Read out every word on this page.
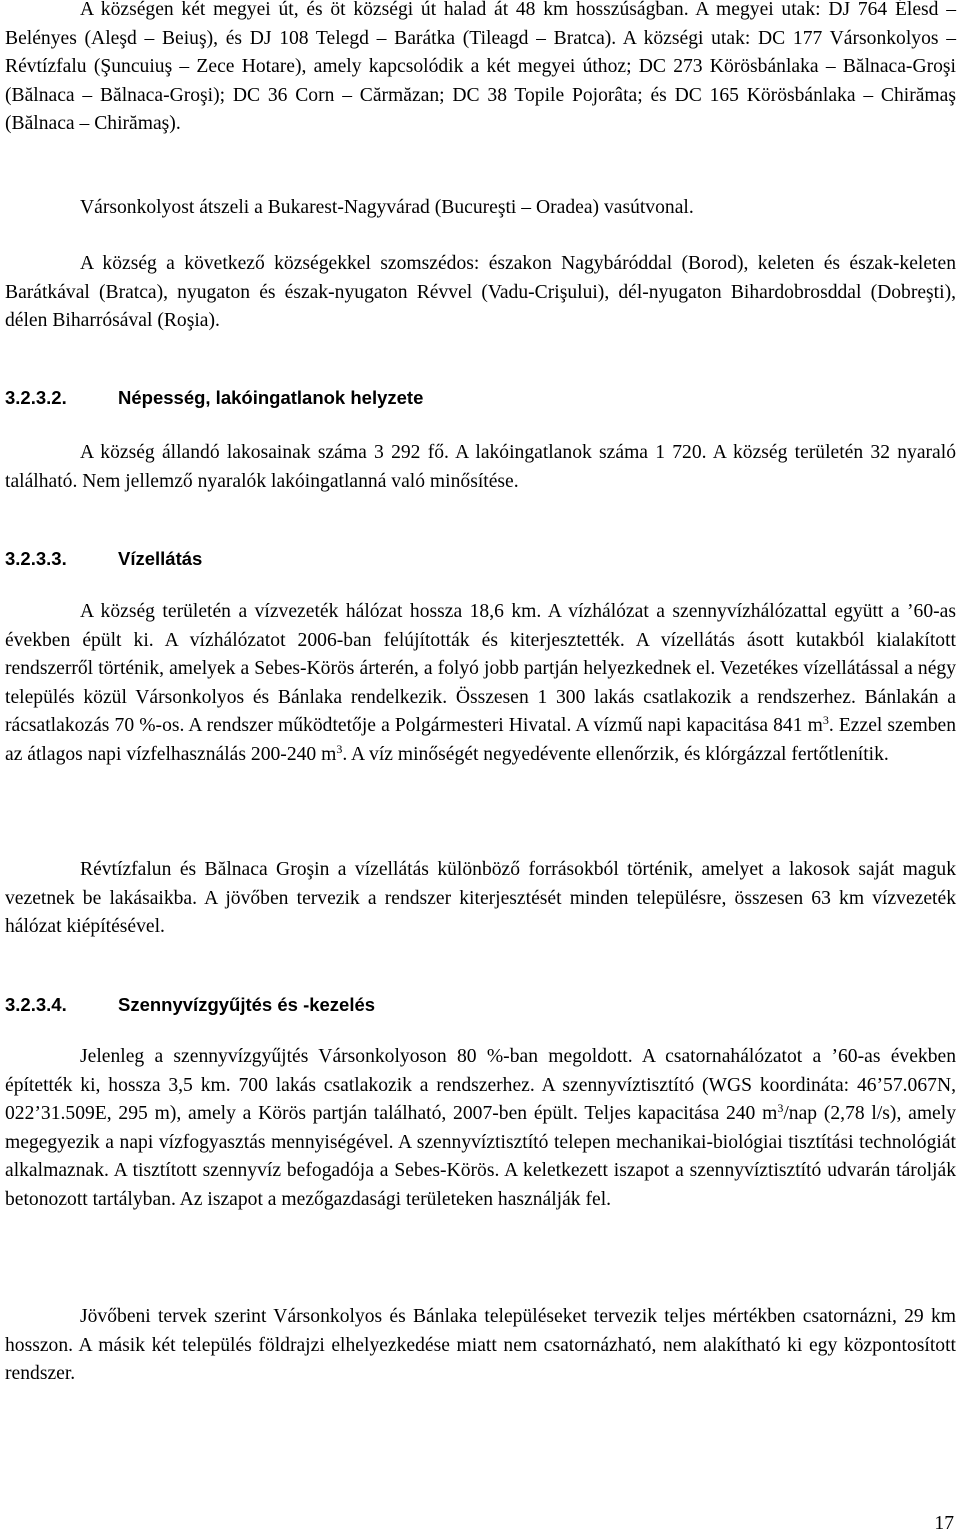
A községen két megyei út, és öt községi út halad át 48 km hosszúságban. A megyei utak: DJ 764 Élesd – Belényes (Aleşd – Beiuş), és DJ 108 Telegd – Barátka (Tileagd – Bratca). A községi utak: DC 177 Vársonkolyos – Révtízfalu (Şuncuiuş – Zece Hotare), amely kapcsolódik a két megyei úthoz; DC 273 Körösbánlaka – Bălnaca-Groşi (Bălnaca – Bălnaca-Groşi); DC 36 Corn – Cărmăzan; DC 38 Topile Pojorâta; és DC 165 Körösbánlaka – Chirămaş (Bălnaca – Chirămaş).

Vársonkolyost átszeli a Bukarest-Nagyvárad (Bucureşti – Oradea) vasútvonal.

A község a következő községekkel szomszédos: északon Nagybáróddal (Borod), keleten és észak-keleten Barátkával (Bratca), nyugaton és észak-nyugaton Révvel (Vadu-Crişului), dél-nyugaton Bihardobrosddal (Dobreşti), délen Biharrósával (Roşia).

3.2.3.2.	Népesség, lakóingatlanok helyzete

A község állandó lakosainak száma 3 292 fő. A lakóingatlanok száma 1 720. A község területén 32 nyaraló található. Nem jellemző nyaralók lakóingatlanná való minősítése.

3.2.3.3.	Vízellátás

A község területén a vízvezeték hálózat hossza 18,6 km. A vízhálózat a szennyvízhálózattal együtt a ’60-as években épült ki. A vízhálózatot 2006-ban felújították és kiterjesztették. A vízellátás ásott kutakból kialakított rendszerről történik, amelyek a Sebes-Körös árterén, a folyó jobb partján helyezkednek el. Vezetékes vízellátással a négy település közül Vársonkolyos és Bánlaka rendelkezik. Összesen 1 300 lakás csatlakozik a rendszerhez. Bánlakán a rácsatlakozás 70 %-os. A rendszer működtetője a Polgármesteri Hivatal. A vízmű napi kapacitása 841 $m^3$. Ezzel szemben az átlagos napi vízfelhasználás 200-240 $m^3$. A víz minőségét negyedévente ellenőrzik, és klórgázzal fertőtlenítik.

Révtízfalun és Bălnaca Groşin a vízellátás különböző forrásokból történik, amelyet a lakosok saját maguk vezetnek be lakásaikba. A jövőben tervezik a rendszer kiterjesztését minden településre, összesen 63 km vízvezeték hálózat kiépítésével.

3.2.3.4.	Szennyvízgyűjtés és -kezelés

Jelenleg a szennyvízgyűjtés Vársonkolyoson 80 %-ban megoldott. A csatornahálózatot a ’60-as években építették ki, hossza 3,5 km. 700 lakás csatlakozik a rendszerhez. A szennyvíztisztító (WGS koordináta: 46’57.067N, 022’31.509E, 295 m), amely a Körös partján található, 2007-ben épült. Teljes kapacitása 240 $m^3$/nap (2,78 l/s), amely megegyezik a napi vízfogyasztás mennyiségével. A szennyvíztisztító telepen mechanikai-biológiai tisztítási technológiát alkalmaznak. A tisztított szennyvíz befogadója a Sebes-Körös. A keletkezett iszapot a szennyvíztisztító udvarán tárolják betonozott tartályban. Az iszapot a mezőgazdasági területeken használják fel.

Jövőbeni tervek szerint Vársonkolyos és Bánlaka településeket tervezik teljes mértékben csatornázni, 29 km hosszon. A másik két település földrajzi elhelyezkedése miatt nem csatornázható, nem alakítható ki egy központosított rendszer.

17
